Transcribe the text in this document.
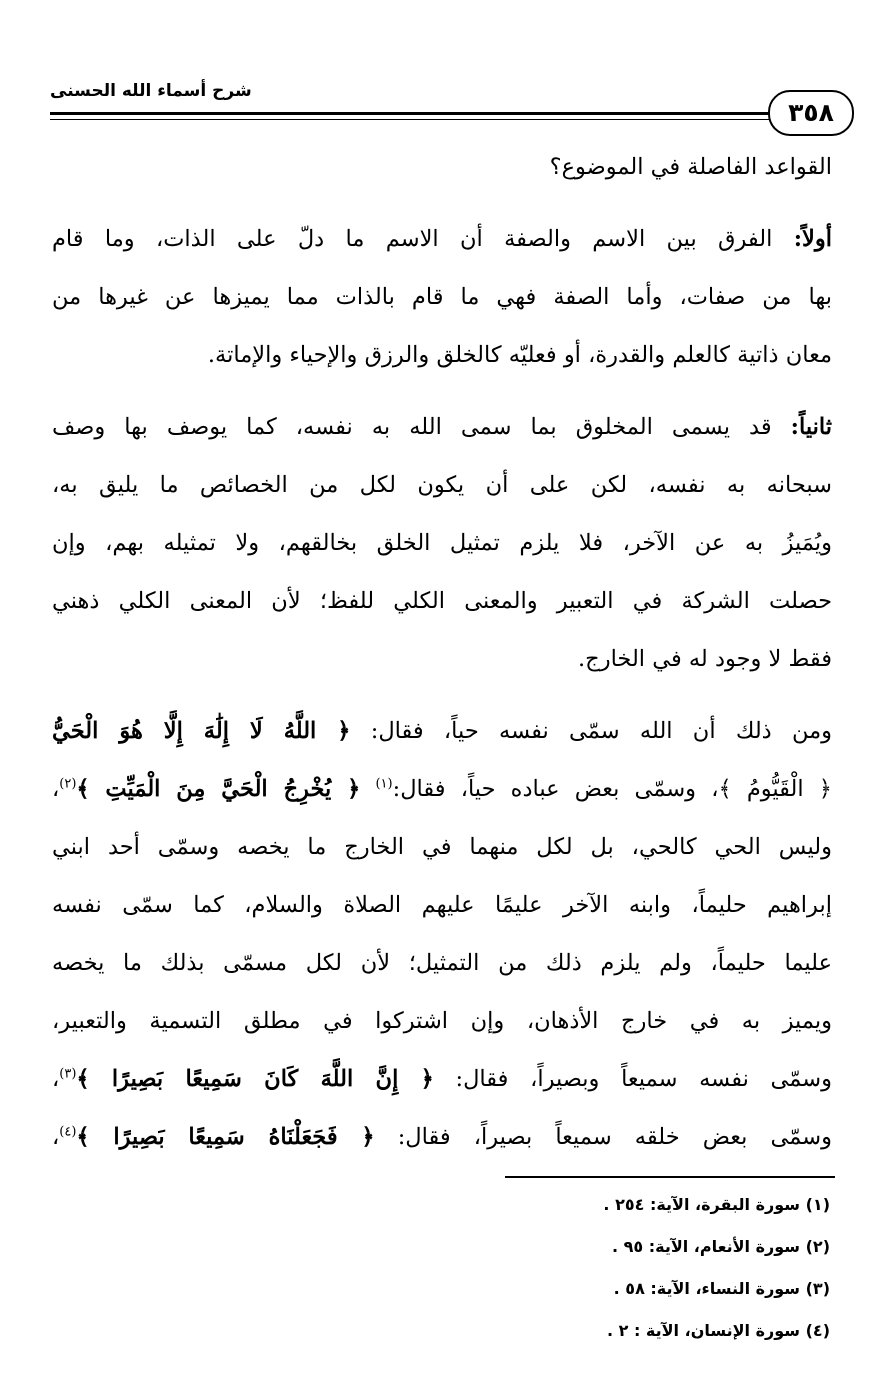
شرح أسماء الله الحسنى
٣٥٨
القواعد الفاصلة في الموضوع؟
أولاً: الفرق بين الاسم والصفة أن الاسم ما دلّ على الذات، وما قام
بها من صفات، وأما الصفة فهي ما قام بالذات مما يميزها عن غيرها من
معان ذاتية كالعلم والقدرة، أو فعليّه كالخلق والرزق والإحياء والإماتة.
ثانياً: قد يسمى المخلوق بما سمى الله به نفسه، كما يوصف بها وصف
سبحانه به نفسه، لكن على أن يكون لكل من الخصائص ما يليق به،
ويُمَيزُ به عن الآخر، فلا يلزم تمثيل الخلق بخالقهم، ولا تمثيله بهم، وإن
حصلت الشركة في التعبير والمعنى الكلي للفظ؛ لأن المعنى الكلي ذهني
فقط لا وجود له في الخارج.
ومن ذلك أن الله سمّى نفسه حياً، فقال: ﴿ اللَّهُ لَا إِلَٰهَ إِلَّا هُوَ الْحَيُّ
﴿ الْقَيُّومُ ﴾، وسمّى بعض عباده حياً، فقال:$^{(١)}$ ﴿ يُخْرِجُ الْحَيَّ مِنَ الْمَيِّتِ ﴾$^{(٢)}$،
وليس الحي كالحي، بل لكل منهما في الخارج ما يخصه وسمّى أحد ابني
إبراهيم حليماً، وابنه الآخر عليمًا عليهم الصلاة والسلام، كما سمّى نفسه
عليما حليماً، ولم يلزم ذلك من التمثيل؛ لأن لكل مسمّى بذلك ما يخصه
ويميز به في خارج الأذهان، وإن اشتركوا في مطلق التسمية والتعبير،
وسمّى نفسه سميعاً وبصيراً، فقال: ﴿ إِنَّ اللَّهَ كَانَ سَمِيعًا بَصِيرًا ﴾$^{(٣)}$،
وسمّى بعض خلقه سميعاً بصيراً، فقال: ﴿ فَجَعَلْنَاهُ سَمِيعًا بَصِيرًا ﴾$^{(٤)}$،
(١) سورة البقرة، الآية: ٢٥٤ .
(٢) سورة الأنعام، الآية: ٩٥ .
(٣) سورة النساء، الآية: ٥٨ .
(٤) سورة الإنسان، الآية : ٢ .
